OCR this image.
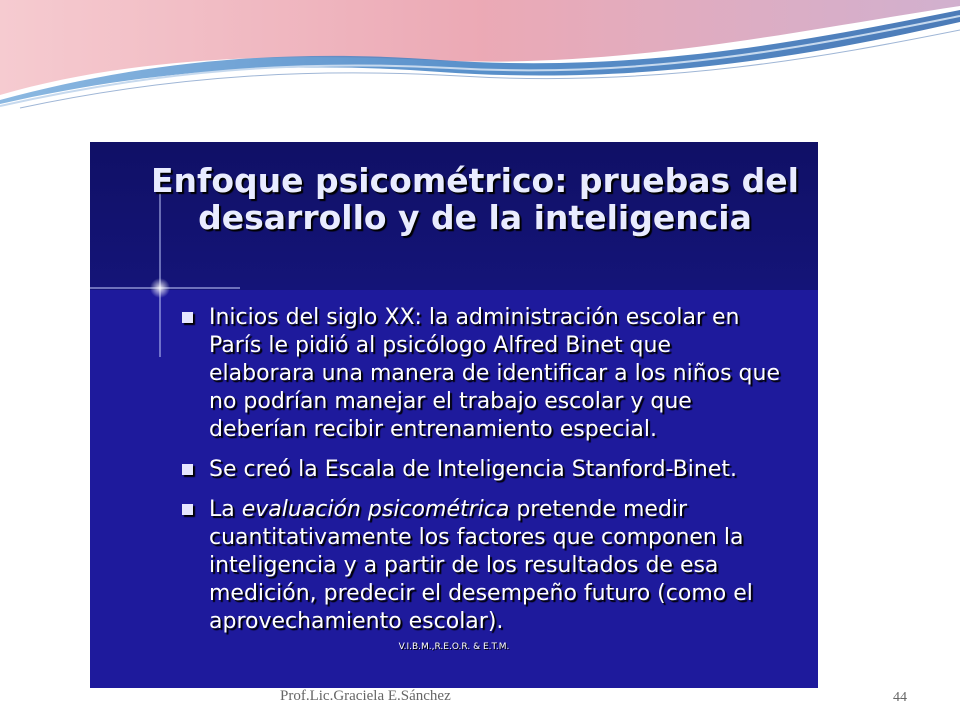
Enfoque psicométrico: pruebas del desarrollo y de la inteligencia
Inicios del siglo XX: la administración escolar en París le pidió al psicólogo Alfred Binet que elaborara una manera de identificar a los niños que no podrían manejar el trabajo escolar y que deberían recibir entrenamiento especial.
Se creó la Escala de Inteligencia Stanford-Binet.
La evaluación psicométrica pretende medir cuantitativamente los factores que componen la inteligencia y a partir de los resultados de esa medición, predecir el desempeño futuro (como el aprovechamiento escolar).
V.I.B.M.,R.E.O.R. & E.T.M.
Prof.Lic.Graciela E.Sánchez	44
